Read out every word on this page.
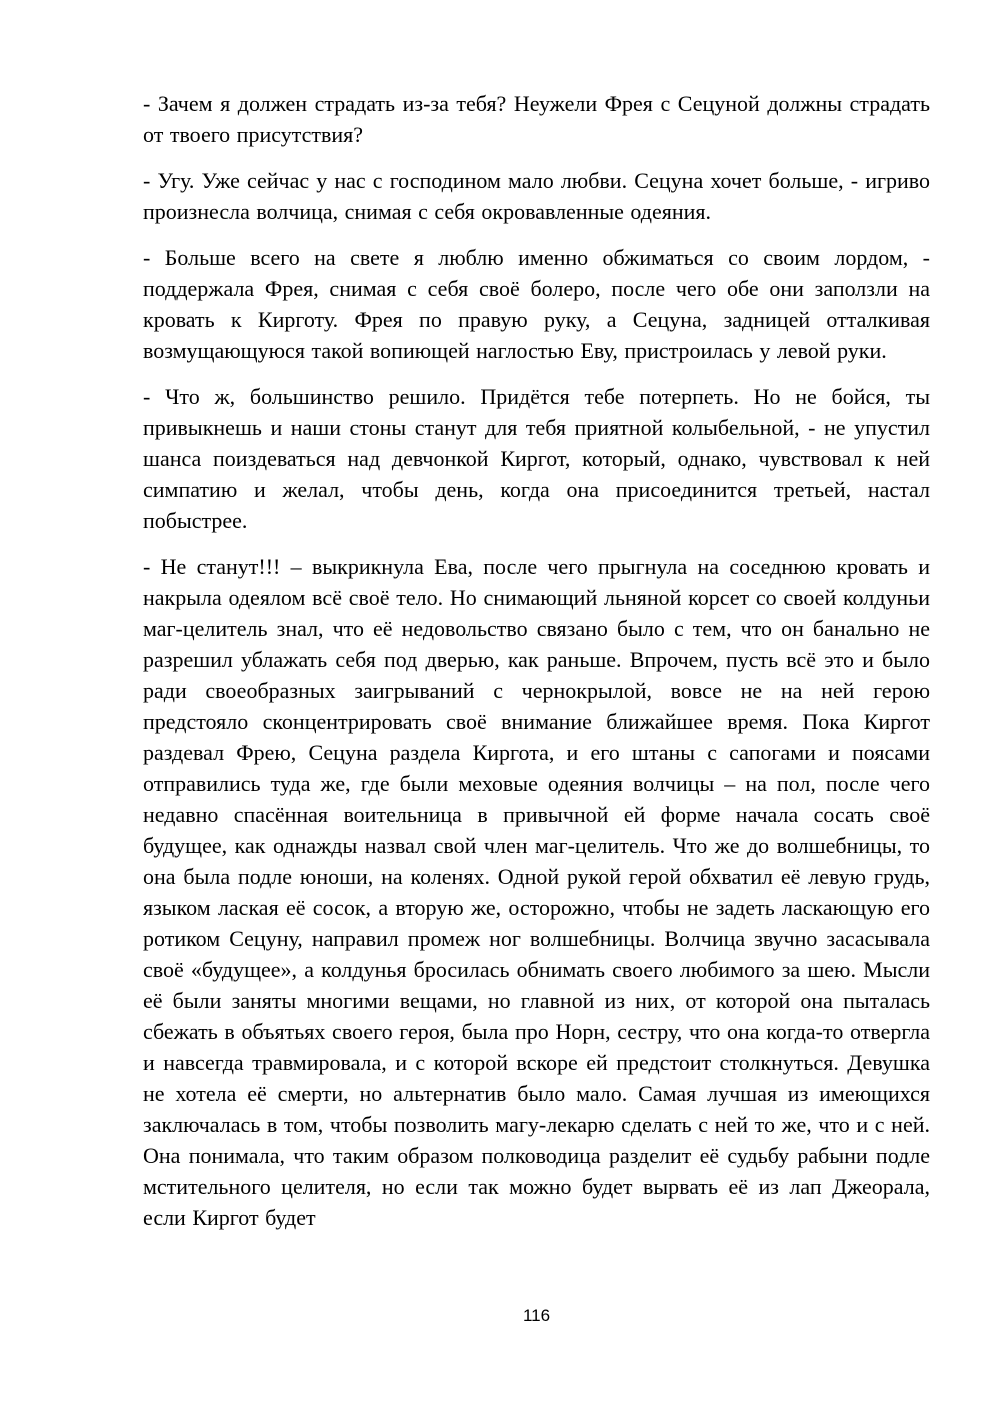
- Зачем я должен страдать из-за тебя? Неужели Фрея с Сецуной должны страдать от твоего присутствия?

- Угу. Уже сейчас у нас с господином мало любви. Сецуна хочет больше, - игриво произнесла волчица, снимая с себя окровавленные одеяния.

- Больше всего на свете я люблю именно обжиматься со своим лордом, - поддержала Фрея, снимая с себя своё болеро, после чего обе они заползли на кровать к Кирготу. Фрея по правую руку, а Сецуна, задницей отталкивая возмущающуюся такой вопиющей наглостью Еву, пристроилась у левой руки.

- Что ж, большинство решило. Придётся тебе потерпеть. Но не бойся, ты привыкнешь и наши стоны станут для тебя приятной колыбельной, - не упустил шанса поиздеваться над девчонкой Киргот, который, однако, чувствовал к ней симпатию и желал, чтобы день, когда она присоединится третьей, настал побыстрее.

- Не станут!!! – выкрикнула Ева, после чего прыгнула на соседнюю кровать и накрыла одеялом всё своё тело. Но снимающий льняной корсет со своей колдуньи маг-целитель знал, что её недовольство связано было с тем, что он банально не разрешил ублажать себя под дверью, как раньше. Впрочем, пусть всё это и было ради своеобразных заигрываний с чернокрылой, вовсе не на ней герою предстояло сконцентрировать своё внимание ближайшее время. Пока Киргот раздевал Фрею, Сецуна раздела Киргота, и его штаны с сапогами и поясами отправились туда же, где были меховые одеяния волчицы – на пол, после чего недавно спасённая воительница в привычной ей форме начала сосать своё будущее, как однажды назвал свой член маг-целитель. Что же до волшебницы, то она была подле юноши, на коленях. Одной рукой герой обхватил её левую грудь, языком лаская её сосок, а вторую же, осторожно, чтобы не задеть ласкающую его ротиком Сецуну, направил промеж ног волшебницы. Волчица звучно засасывала своё «будущее», а колдунья бросилась обнимать своего любимого за шею. Мысли её были заняты многими вещами, но главной из них, от которой она пыталась сбежать в объятьях своего героя, была про Норн, сестру, что она когда-то отвергла и навсегда травмировала, и с которой вскоре ей предстоит столкнуться. Девушка не хотела её смерти, но альтернатив было мало. Самая лучшая из имеющихся заключалась в том, чтобы позволить магу-лекарю сделать с ней то же, что и с ней. Она понимала, что таким образом полководица разделит её судьбу рабыни подле мстительного целителя, но если так можно будет вырвать её из лап Джеорала, если Киргот будет

116
